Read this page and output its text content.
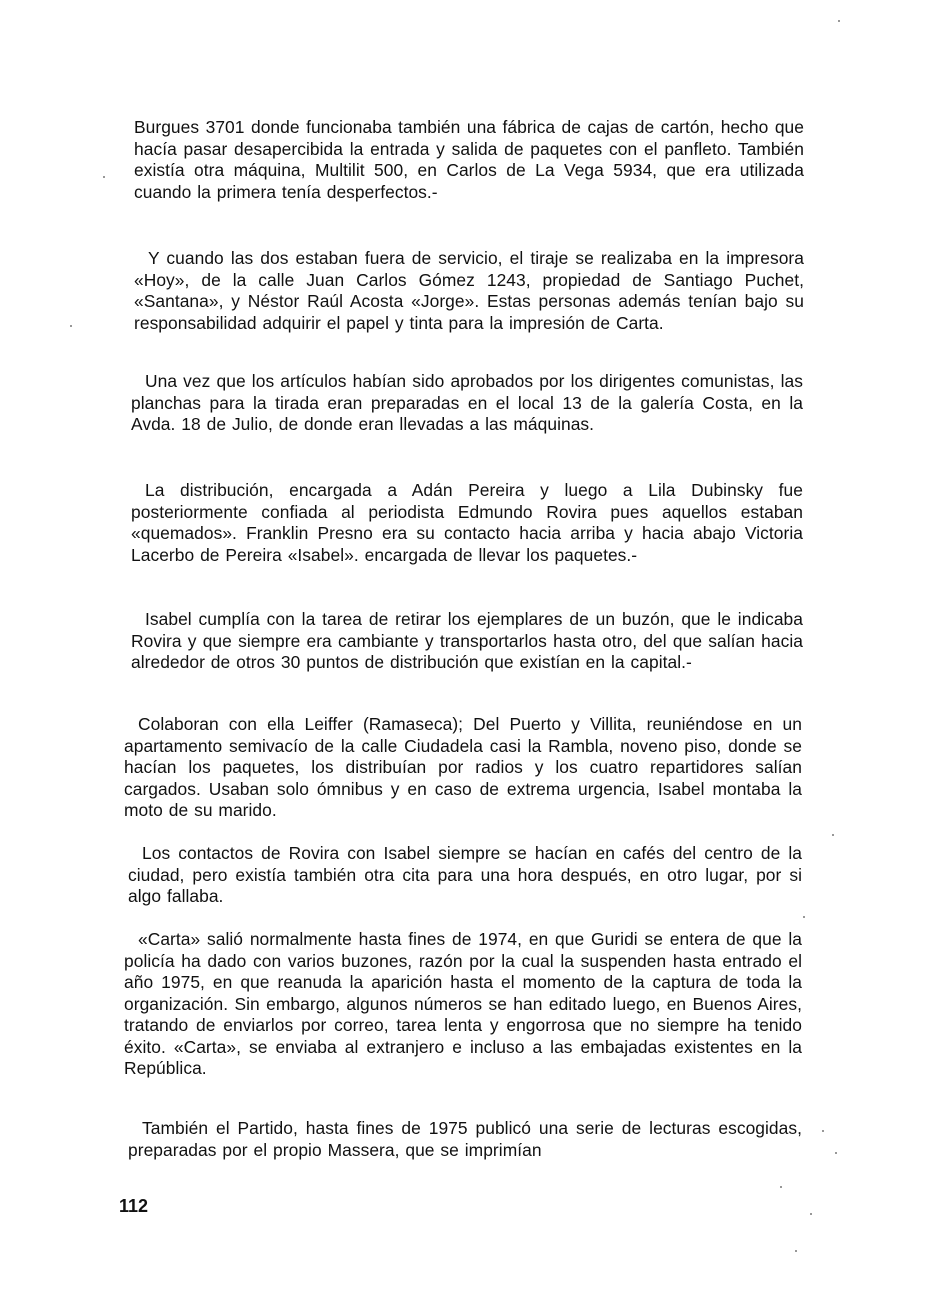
Burgues 3701 donde funcionaba también una fábrica de cajas de cartón, hecho que hacía pasar desapercibida la entrada y salida de paquetes con el panfleto. También existía otra máquina, Multilit 500, en Carlos de La Vega 5934, que era utilizada cuando la primera tenía desperfectos.-

Y cuando las dos estaban fuera de servicio, el tiraje se realizaba en la impresora «Hoy», de la calle Juan Carlos Gómez 1243, propiedad de Santiago Puchet, «Santana», y Néstor Raúl Acosta «Jorge». Estas personas además tenían bajo su responsabilidad adquirir el papel y tinta para la impresión de Carta.

Una vez que los artículos habían sido aprobados por los dirigentes comunistas, las planchas para la tirada eran preparadas en el local 13 de la galería Costa, en la Avda. 18 de Julio, de donde eran llevadas a las máquinas.

La distribución, encargada a Adán Pereira y luego a Lila Dubinsky fue posteriormente confiada al periodista Edmundo Rovira pues aquellos estaban «quemados». Franklin Presno era su contacto hacia arriba y hacia abajo Victoria Lacerbo de Pereira «Isabel». encargada de llevar los paquetes.-

Isabel cumplía con la tarea de retirar los ejemplares de un buzón, que le indicaba Rovira y que siempre era cambiante y transportarlos hasta otro, del que salían hacia alrededor de otros 30 puntos de distribución que existían en la capital.-

Colaboran con ella Leiffer (Ramaseca); Del Puerto y Villita, reuniéndose en un apartamento semivacío de la calle Ciudadela casi la Rambla, noveno piso, donde se hacían los paquetes, los distribuían por radios y los cuatro repartidores salían cargados. Usaban solo ómnibus y en caso de extrema urgencia, Isabel montaba la moto de su marido.

Los contactos de Rovira con Isabel siempre se hacían en cafés del centro de la ciudad, pero existía también otra cita para una hora después, en otro lugar, por si algo fallaba.

«Carta» salió normalmente hasta fines de 1974, en que Guridi se entera de que la policía ha dado con varios buzones, razón por la cual la suspenden hasta entrado el año 1975, en que reanuda la aparición hasta el momento de la captura de toda la organización. Sin embargo, algunos números se han editado luego, en Buenos Aires, tratando de enviarlos por correo, tarea lenta y engorrosa que no siempre ha tenido éxito. «Carta», se enviaba al extranjero e incluso a las embajadas existentes en la República.

También el Partido, hasta fines de 1975 publicó una serie de lecturas escogidas, preparadas por el propio Massera, que se imprimían

112
